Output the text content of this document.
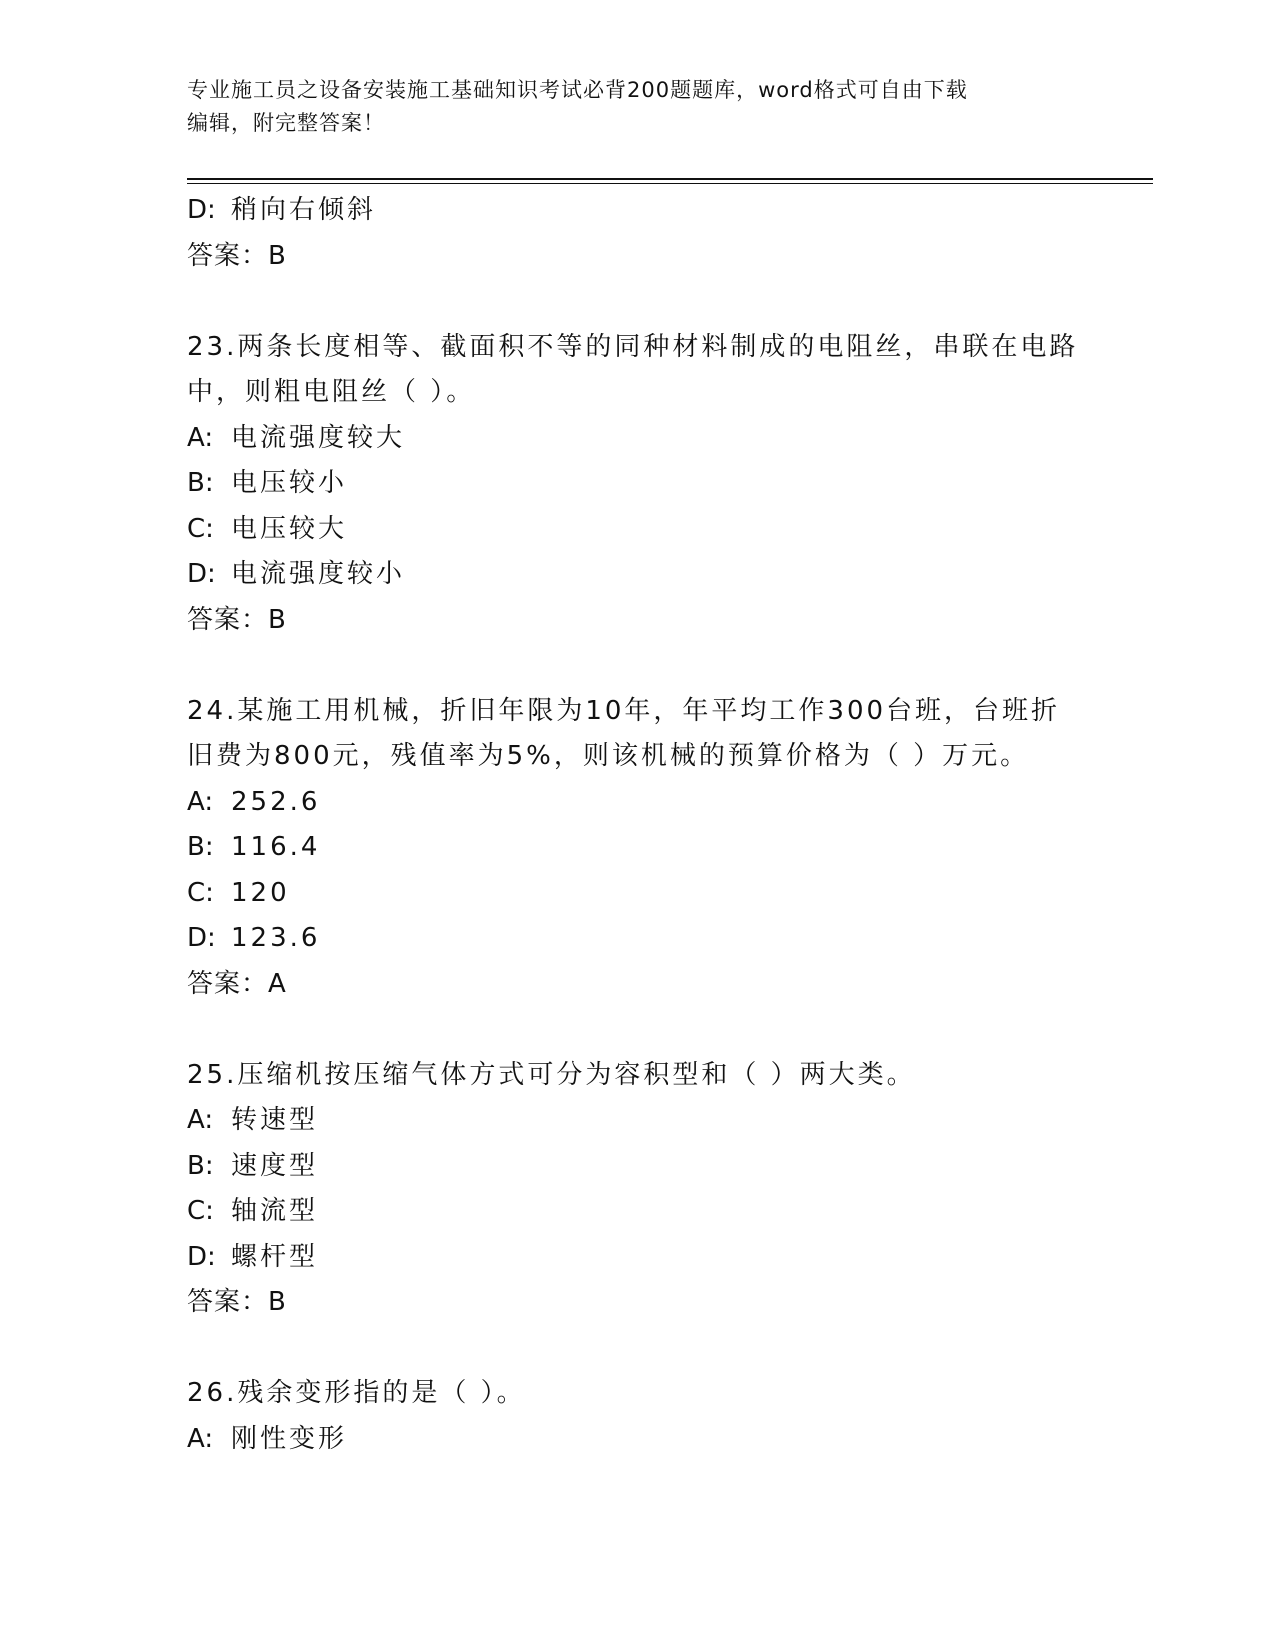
专业施工员之设备安装施工基础知识考试必背200题题库，word格式可自由下载
编辑，附完整答案！
D: 稍向右倾斜
答案：B
23.两条长度相等、截面积不等的同种材料制成的电阻丝，串联在电路
中，则粗电阻丝（ ）。
A: 电流强度较大
B: 电压较小
C: 电压较大
D: 电流强度较小
答案：B
24.某施工用机械，折旧年限为10年，年平均工作300台班，台班折
旧费为800元，残值率为5%，则该机械的预算价格为（ ）万元。
A: 252.6
B: 116.4
C: 120
D: 123.6
答案：A
25.压缩机按压缩气体方式可分为容积型和（ ）两大类。
A: 转速型
B: 速度型
C: 轴流型
D: 螺杆型
答案：B
26.残余变形指的是（ ）。
A: 刚性变形
